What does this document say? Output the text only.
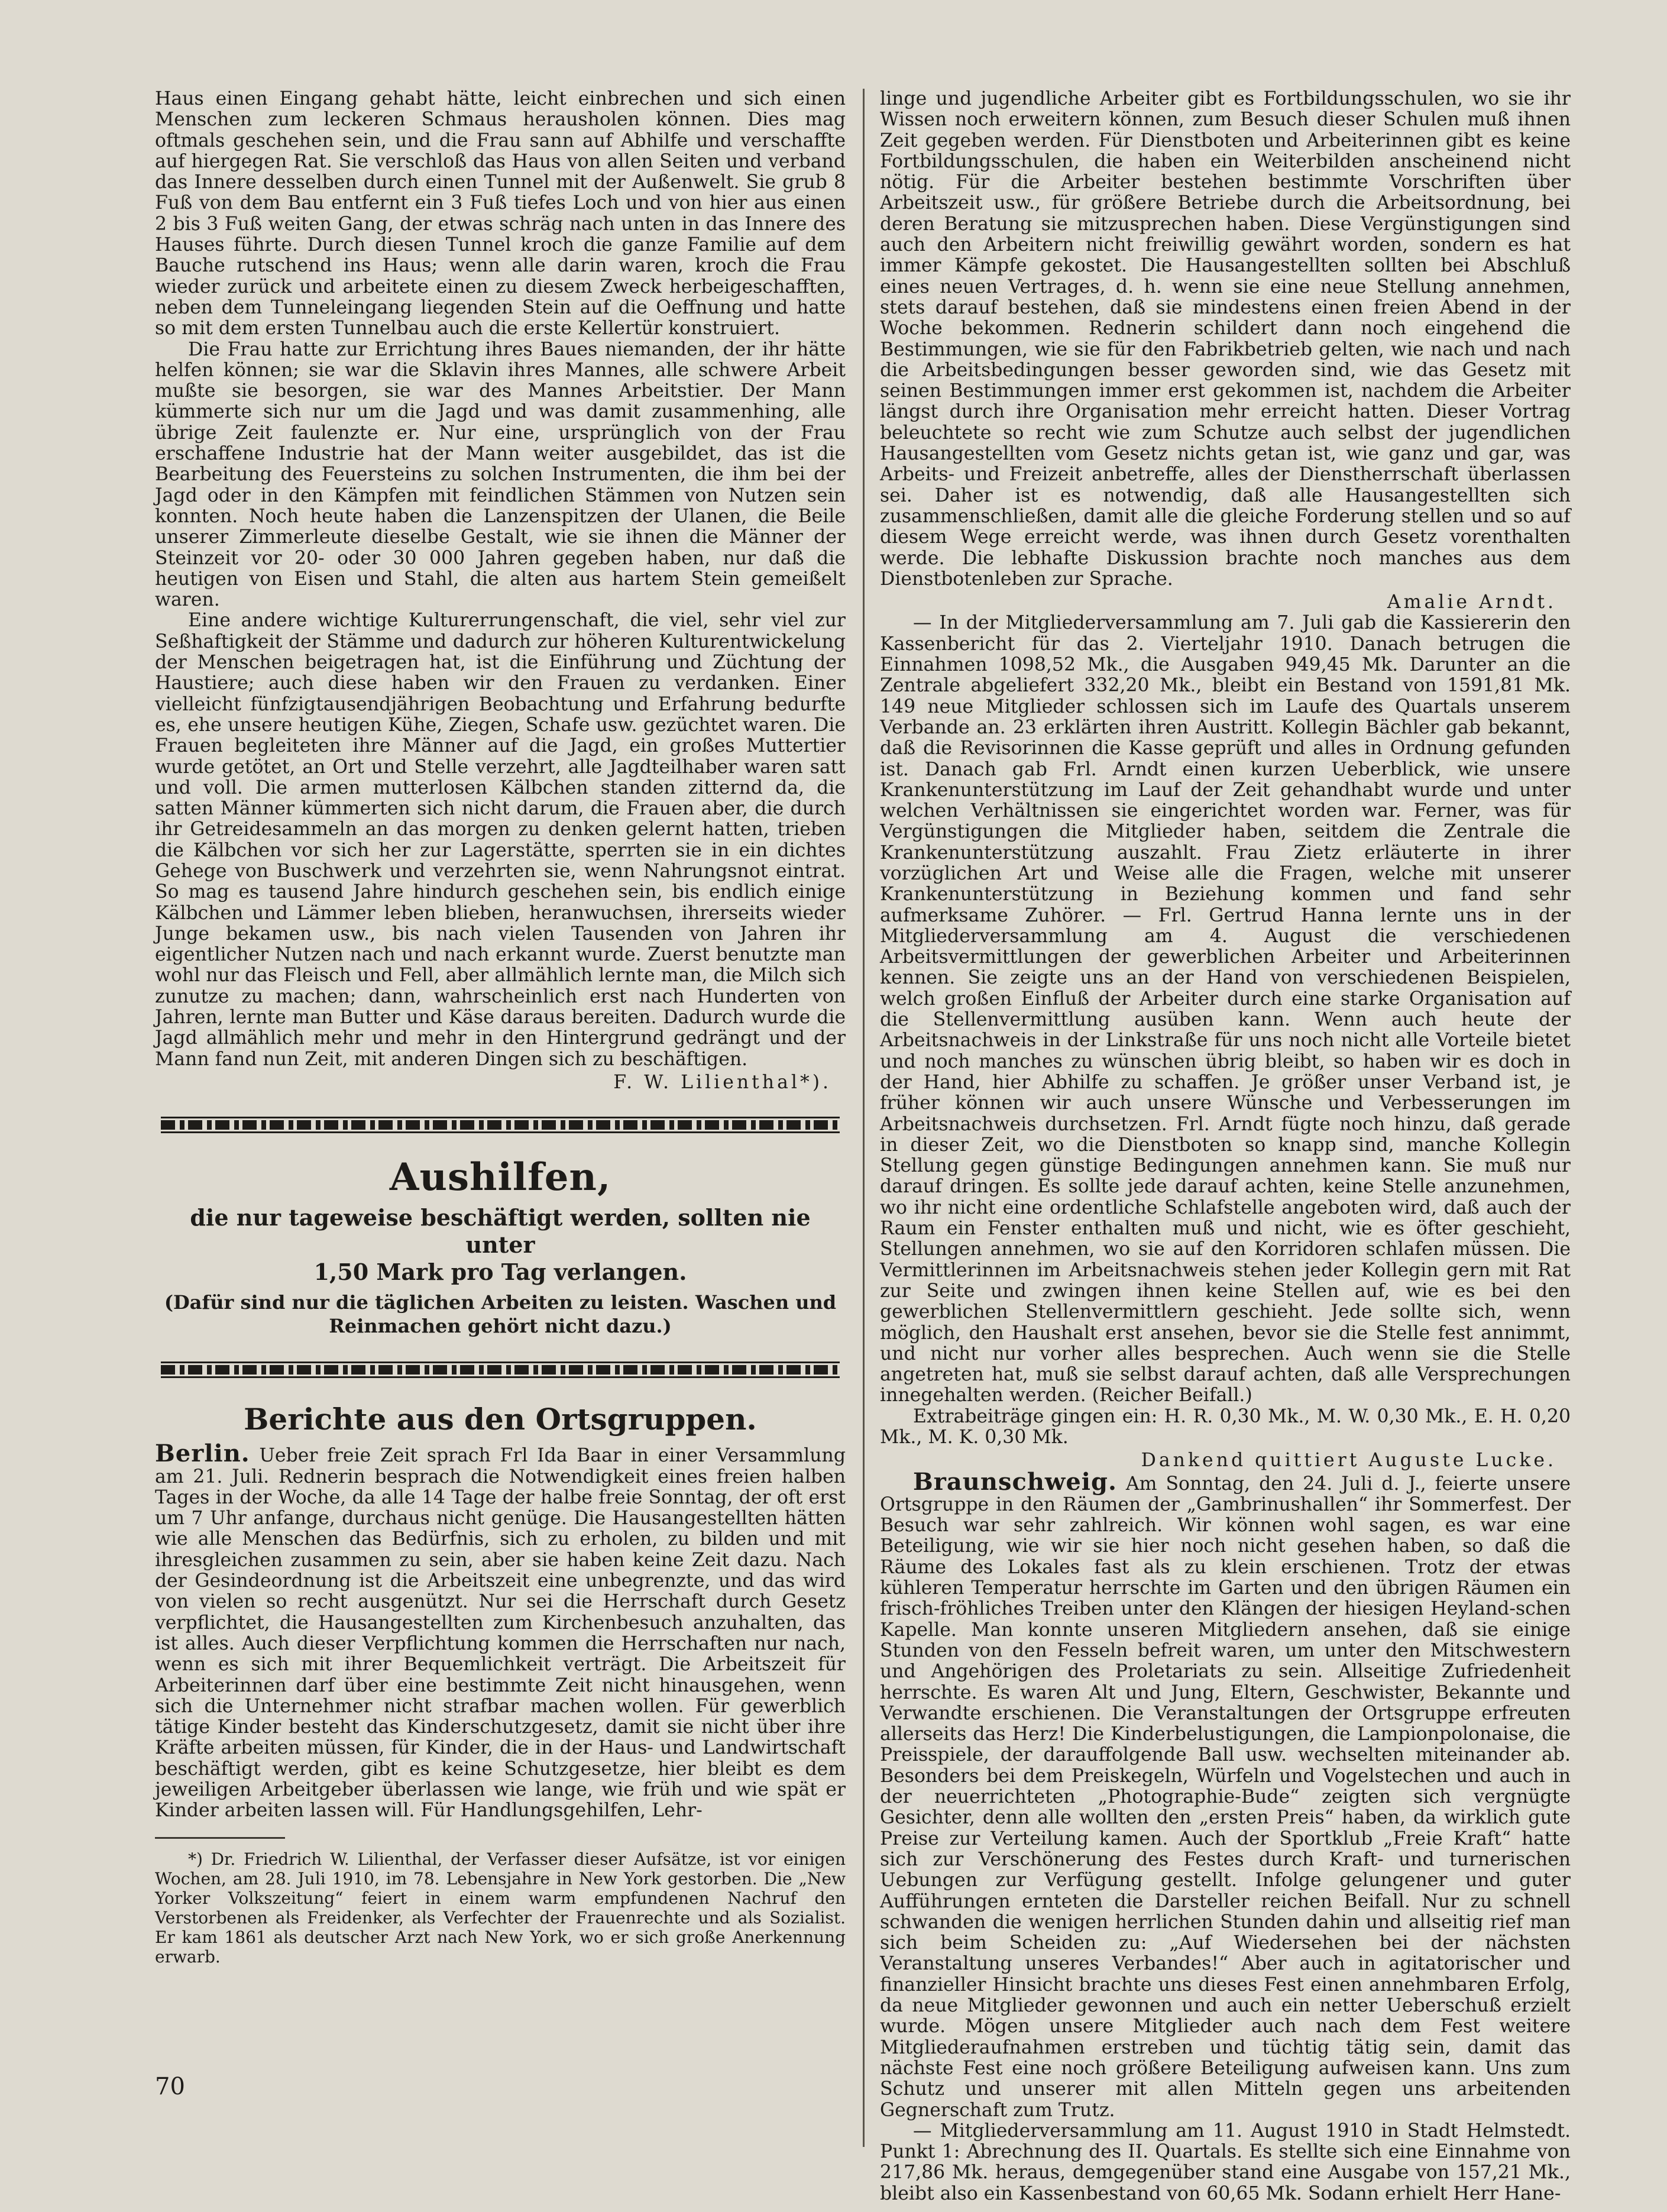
Haus einen Eingang gehabt hätte, leicht einbrechen und sich einen Menschen zum leckeren Schmaus herausholen können. Dies mag oftmals geschehen sein, und die Frau sann auf Abhilfe und verschaffte auf hiergegen Rat. Sie verschloß das Haus von allen Seiten und verband das Innere desselben durch einen Tunnel mit der Außenwelt. Sie grub 8 Fuß von dem Bau entfernt ein 3 Fuß tiefes Loch und von hier aus einen 2 bis 3 Fuß weiten Gang, der etwas schräg nach unten in das Innere des Hauses führte. Durch diesen Tunnel kroch die ganze Familie auf dem Bauche rutschend ins Haus; wenn alle darin waren, kroch die Frau wieder zurück und arbeitete einen zu diesem Zweck herbeigeschafften, neben dem Tunneleingang liegenden Stein auf die Oeffnung und hatte so mit dem ersten Tunnelbau auch die erste Kellertür konstruiert.

Die Frau hatte zur Errichtung ihres Baues niemanden, der ihr hätte helfen können; sie war die Sklavin ihres Mannes, alle schwere Arbeit mußte sie besorgen, sie war des Mannes Arbeitstier. Der Mann kümmerte sich nur um die Jagd und was damit zusammenhing, alle übrige Zeit faulenzte er. Nur eine, ursprünglich von der Frau erschaffene Industrie hat der Mann weiter ausgebildet, das ist die Bearbeitung des Feuersteins zu solchen Instrumenten, die ihm bei der Jagd oder in den Kämpfen mit feindlichen Stämmen von Nutzen sein konnten. Noch heute haben die Lanzenspitzen der Ulanen, die Beile unserer Zimmerleute dieselbe Gestalt, wie sie ihnen die Männer der Steinzeit vor 20- oder 30 000 Jahren gegeben haben, nur daß die heutigen von Eisen und Stahl, die alten aus hartem Stein gemeißelt waren.

Eine andere wichtige Kulturerrungenschaft, die viel, sehr viel zur Seßhaftigkeit der Stämme und dadurch zur höheren Kulturentwickelung der Menschen beigetragen hat, ist die Einführung und Züchtung der Haustiere; auch diese haben wir den Frauen zu verdanken. Einer vielleicht fünfzigtausendjährigen Beobachtung und Erfahrung bedurfte es, ehe unsere heutigen Kühe, Ziegen, Schafe usw. gezüchtet waren. Die Frauen begleiteten ihre Männer auf die Jagd, ein großes Muttertier wurde getötet, an Ort und Stelle verzehrt, alle Jagdteilhaber waren satt und voll. Die armen mutterlosen Kälbchen standen zitternd da, die satten Männer kümmerten sich nicht darum, die Frauen aber, die durch ihr Getreidesammeln an das morgen zu denken gelernt hatten, trieben die Kälbchen vor sich her zur Lagerstätte, sperrten sie in ein dichtes Gehege von Buschwerk und verzehrten sie, wenn Nahrungsnot eintrat. So mag es tausend Jahre hindurch geschehen sein, bis endlich einige Kälbchen und Lämmer leben blieben, heranwuchsen, ihrerseits wieder Junge bekamen usw., bis nach vielen Tausenden von Jahren ihr eigentlicher Nutzen nach und nach erkannt wurde. Zuerst benutzte man wohl nur das Fleisch und Fell, aber allmählich lernte man, die Milch sich zunutze zu machen; dann, wahrscheinlich erst nach Hunderten von Jahren, lernte man Butter und Käse daraus bereiten. Dadurch wurde die Jagd allmählich mehr und mehr in den Hintergrund gedrängt und der Mann fand nun Zeit, mit anderen Dingen sich zu beschäftigen.

F. W. Lilienthal*).
Aushilfen,
die nur tageweise beschäftigt werden, sollten nie unter
1,50 Mark pro Tag verlangen.
(Dafür sind nur die täglichen Arbeiten zu leisten. Waschen und Reinmachen gehört nicht dazu.)
Berichte aus den Ortsgruppen.

Berlin. Ueber freie Zeit sprach Frl Ida Baar in einer Versammlung am 21. Juli. Rednerin besprach die Notwendigkeit eines freien halben Tages in der Woche, da alle 14 Tage der halbe freie Sonntag, der oft erst um 7 Uhr anfange, durchaus nicht genüge. Die Hausangestellten hätten wie alle Menschen das Bedürfnis, sich zu erholen, zu bilden und mit ihresgleichen zusammen zu sein, aber sie haben keine Zeit dazu. Nach der Gesindeordnung ist die Arbeitszeit eine unbegrenzte, und das wird von vielen so recht ausgenützt. Nur sei die Herrschaft durch Gesetz verpflichtet, die Hausangestellten zum Kirchenbesuch anzuhalten, das ist alles. Auch dieser Verpflichtung kommen die Herrschaften nur nach, wenn es sich mit ihrer Bequemlichkeit verträgt. Die Arbeitszeit für Arbeiterinnen darf über eine bestimmte Zeit nicht hinausgehen, wenn sich die Unternehmer nicht strafbar machen wollen. Für gewerblich tätige Kinder besteht das Kinderschutzgesetz, damit sie nicht über ihre Kräfte arbeiten müssen, für Kinder, die in der Haus- und Landwirtschaft beschäftigt werden, gibt es keine Schutzgesetze, hier bleibt es dem jeweiligen Arbeitgeber überlassen wie lange, wie früh und wie spät er Kinder arbeiten lassen will. Für Handlungsgehilfen, Lehr-

*) Dr. Friedrich W. Lilienthal, der Verfasser dieser Aufsätze, ist vor einigen Wochen, am 28. Juli 1910, im 78. Lebensjahre in New York gestorben. Die „New Yorker Volkszeitung“ feiert in einem warm empfundenen Nachruf den Verstorbenen als Freidenker, als Verfechter der Frauenrechte und als Sozialist. Er kam 1861 als deutscher Arzt nach New York, wo er sich große Anerkennung erwarb.

linge und jugendliche Arbeiter gibt es Fortbildungsschulen, wo sie ihr Wissen noch erweitern können, zum Besuch dieser Schulen muß ihnen Zeit gegeben werden. Für Dienstboten und Arbeiterinnen gibt es keine Fortbildungsschulen, die haben ein Weiterbilden anscheinend nicht nötig. Für die Arbeiter bestehen bestimmte Vorschriften über Arbeitszeit usw., für größere Betriebe durch die Arbeitsordnung, bei deren Beratung sie mitzusprechen haben. Diese Vergünstigungen sind auch den Arbeitern nicht freiwillig gewährt worden, sondern es hat immer Kämpfe gekostet. Die Hausangestellten sollten bei Abschluß eines neuen Vertrages, d. h. wenn sie eine neue Stellung annehmen, stets darauf bestehen, daß sie mindestens einen freien Abend in der Woche bekommen. Rednerin schildert dann noch eingehend die Bestimmungen, wie sie für den Fabrikbetrieb gelten, wie nach und nach die Arbeitsbedingungen besser geworden sind, wie das Gesetz mit seinen Bestimmungen immer erst gekommen ist, nachdem die Arbeiter längst durch ihre Organisation mehr erreicht hatten. Dieser Vortrag beleuchtete so recht wie zum Schutze auch selbst der jugendlichen Hausangestellten vom Gesetz nichts getan ist, wie ganz und gar, was Arbeits- und Freizeit anbetreffe, alles der Dienstherrschaft überlassen sei. Daher ist es notwendig, daß alle Hausangestellten sich zusammenschließen, damit alle die gleiche Forderung stellen und so auf diesem Wege erreicht werde, was ihnen durch Gesetz vorenthalten werde. Die lebhafte Diskussion brachte noch manches aus dem Dienstbotenleben zur Sprache.

Amalie Arndt.

— In der Mitgliederversammlung am 7. Juli gab die Kassiererin den Kassenbericht für das 2. Vierteljahr 1910. Danach betrugen die Einnahmen 1098,52 Mk., die Ausgaben 949,45 Mk. Darunter an die Zentrale abgeliefert 332,20 Mk., bleibt ein Bestand von 1591,81 Mk. 149 neue Mitglieder schlossen sich im Laufe des Quartals unserem Verbande an. 23 erklärten ihren Austritt. Kollegin Bächler gab bekannt, daß die Revisorinnen die Kasse geprüft und alles in Ordnung gefunden ist. Danach gab Frl. Arndt einen kurzen Ueberblick, wie unsere Krankenunterstützung im Lauf der Zeit gehandhabt wurde und unter welchen Verhältnissen sie eingerichtet worden war. Ferner, was für Vergünstigungen die Mitglieder haben, seitdem die Zentrale die Krankenunterstützung auszahlt. Frau Zietz erläuterte in ihrer vorzüglichen Art und Weise alle die Fragen, welche mit unserer Krankenunterstützung in Beziehung kommen und fand sehr aufmerksame Zuhörer. — Frl. Gertrud Hanna lernte uns in der Mitgliederversammlung am 4. August die verschiedenen Arbeitsvermittlungen der gewerblichen Arbeiter und Arbeiterinnen kennen. Sie zeigte uns an der Hand von verschiedenen Beispielen, welch großen Einfluß der Arbeiter durch eine starke Organisation auf die Stellenvermittlung ausüben kann. Wenn auch heute der Arbeitsnachweis in der Linkstraße für uns noch nicht alle Vorteile bietet und noch manches zu wünschen übrig bleibt, so haben wir es doch in der Hand, hier Abhilfe zu schaffen. Je größer unser Verband ist, je früher können wir auch unsere Wünsche und Verbesserungen im Arbeitsnachweis durchsetzen. Frl. Arndt fügte noch hinzu, daß gerade in dieser Zeit, wo die Dienstboten so knapp sind, manche Kollegin Stellung gegen günstige Bedingungen annehmen kann. Sie muß nur darauf dringen. Es sollte jede darauf achten, keine Stelle anzunehmen, wo ihr nicht eine ordentliche Schlafstelle angeboten wird, daß auch der Raum ein Fenster enthalten muß und nicht, wie es öfter geschieht, Stellungen annehmen, wo sie auf den Korridoren schlafen müssen. Die Vermittlerinnen im Arbeitsnachweis stehen jeder Kollegin gern mit Rat zur Seite und zwingen ihnen keine Stellen auf, wie es bei den gewerblichen Stellenvermittlern geschieht. Jede sollte sich, wenn möglich, den Haushalt erst ansehen, bevor sie die Stelle fest annimmt, und nicht nur vorher alles besprechen. Auch wenn sie die Stelle angetreten hat, muß sie selbst darauf achten, daß alle Versprechungen innegehalten werden. (Reicher Beifall.)

Extrabeiträge gingen ein: H. R. 0,30 Mk., M. W. 0,30 Mk., E. H. 0,20 Mk., M. K. 0,30 Mk.

Dankend quittiert Auguste Lucke.

Braunschweig. Am Sonntag, den 24. Juli d. J., feierte unsere Ortsgruppe in den Räumen der „Gambrinushallen“ ihr Sommerfest. Der Besuch war sehr zahlreich. Wir können wohl sagen, es war eine Beteiligung, wie wir sie hier noch nicht gesehen haben, so daß die Räume des Lokales fast als zu klein erschienen. Trotz der etwas kühleren Temperatur herrschte im Garten und den übrigen Räumen ein frisch-fröhliches Treiben unter den Klängen der hiesigen Heyland-schen Kapelle. Man konnte unseren Mitgliedern ansehen, daß sie einige Stunden von den Fesseln befreit waren, um unter den Mitschwestern und Angehörigen des Proletariats zu sein. Allseitige Zufriedenheit herrschte. Es waren Alt und Jung, Eltern, Geschwister, Bekannte und Verwandte erschienen. Die Veranstaltungen der Ortsgruppe erfreuten allerseits das Herz! Die Kinderbelustigungen, die Lampionpolonaise, die Preisspiele, der darauffolgende Ball usw. wechselten miteinander ab. Besonders bei dem Preiskegeln, Würfeln und Vogelstechen und auch in der neuerrichteten „Photographie-Bude“ zeigten sich vergnügte Gesichter, denn alle wollten den „ersten Preis“ haben, da wirklich gute Preise zur Verteilung kamen. Auch der Sportklub „Freie Kraft“ hatte sich zur Verschönerung des Festes durch Kraft- und turnerischen Uebungen zur Verfügung gestellt. Infolge gelungener und guter Aufführungen ernteten die Darsteller reichen Beifall. Nur zu schnell schwanden die wenigen herrlichen Stunden dahin und allseitig rief man sich beim Scheiden zu: „Auf Wiedersehen bei der nächsten Veranstaltung unseres Verbandes!“ Aber auch in agitatorischer und finanzieller Hinsicht brachte uns dieses Fest einen annehmbaren Erfolg, da neue Mitglieder gewonnen und auch ein netter Ueberschuß erzielt wurde. Mögen unsere Mitglieder auch nach dem Fest weitere Mitgliederaufnahmen erstreben und tüchtig tätig sein, damit das nächste Fest eine noch größere Beteiligung aufweisen kann. Uns zum Schutz und unserer mit allen Mitteln gegen uns arbeitenden Gegnerschaft zum Trutz.

— Mitgliederversammlung am 11. August 1910 in Stadt Helmstedt. Punkt 1: Abrechnung des II. Quartals. Es stellte sich eine Einnahme von 217,86 Mk. heraus, demgegenüber stand eine Ausgabe von 157,21 Mk., bleibt also ein Kassenbestand von 60,65 Mk. Sodann erhielt Herr Hane-

70
